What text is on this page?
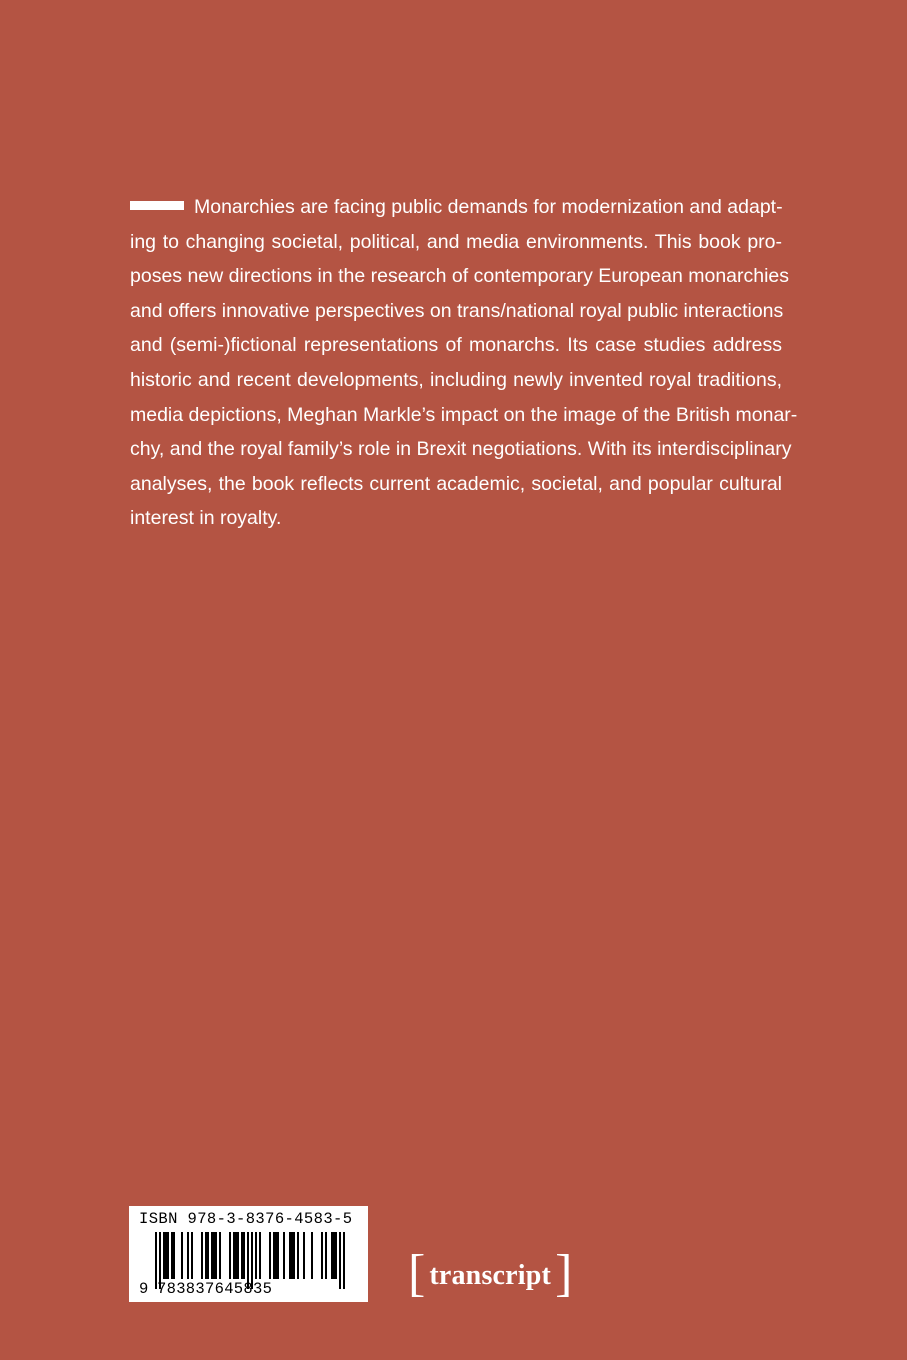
Monarchies are facing public demands for modernization and adapt-
ing to changing societal, political, and media environments. This book pro-
poses new directions in the research of contemporary European monarchies
and offers innovative perspectives on trans/national royal public interactions
and (semi-)fictional representations of monarchs. Its case studies address
historic and recent developments, including newly invented royal traditions,
media depictions, Meghan Markle’s impact on the image of the British monar-
chy, and the royal family’s role in Brexit negotiations. With its interdisciplinary
analyses, the book reflects current academic, societal, and popular cultural
interest in royalty.
ISBN 978-3-8376-4583-5
9 783837645835	[ transcript ]
